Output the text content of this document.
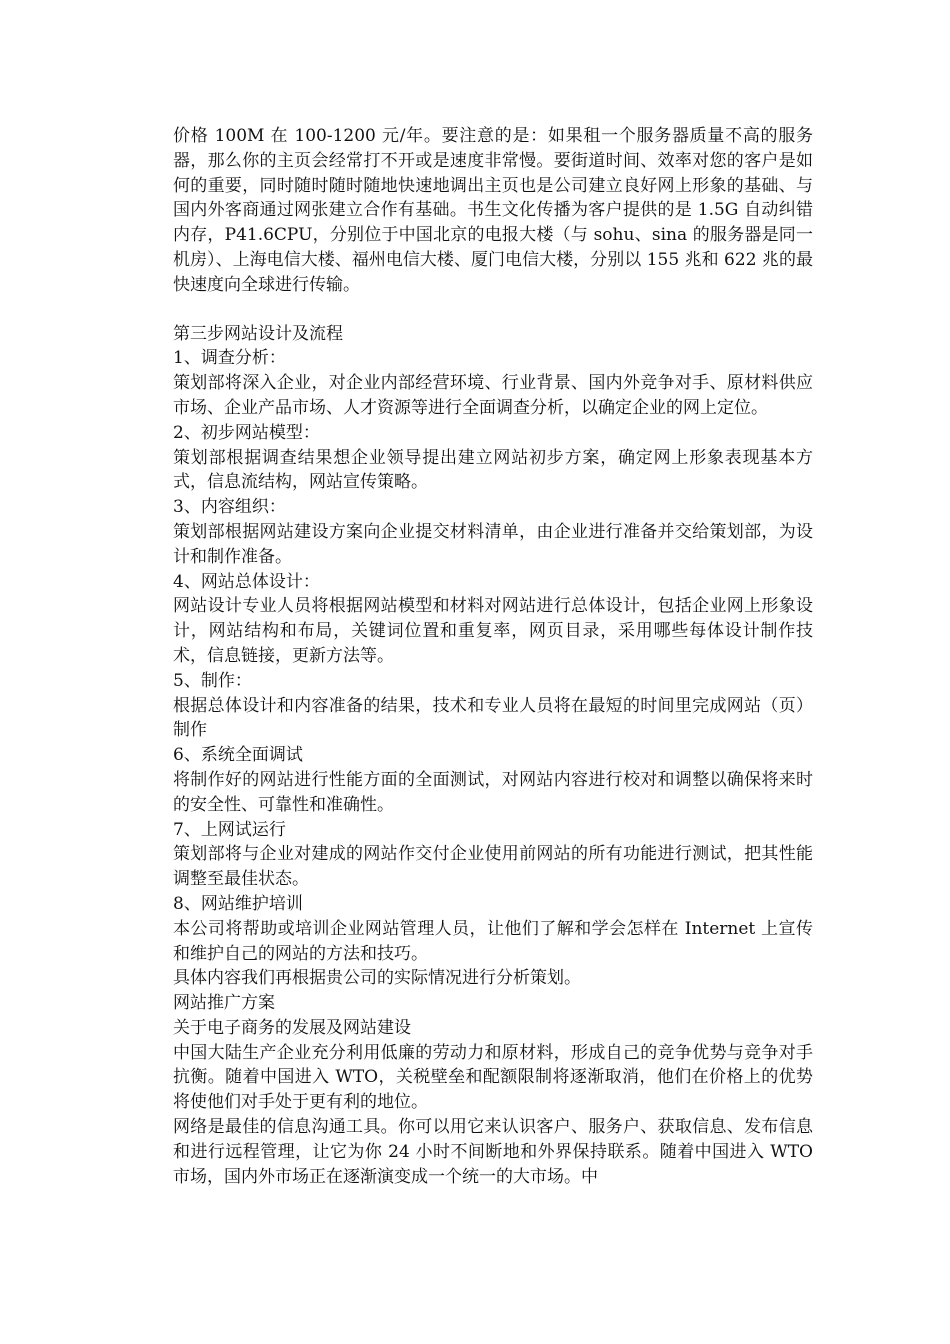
价格 100M 在 100-1200 元/年。要注意的是：如果租一个服务器质量不高的服务器，那么你的主页会经常打不开或是速度非常慢。要街道时间、效率对您的客户是如何的重要，同时随时随时随地快速地调出主页也是公司建立良好网上形象的基础、与国内外客商通过网张建立合作有基础。书生文化传播为客户提供的是 1.5G 自动纠错内存，P41.6CPU，分别位于中国北京的电报大楼（与 sohu、sina 的服务器是同一机房）、上海电信大楼、福州电信大楼、厦门电信大楼，分别以 155 兆和 622 兆的最快速度向全球进行传输。

第三步网站设计及流程

1、调查分析：

策划部将深入企业，对企业内部经营环境、行业背景、国内外竞争对手、原材料供应市场、企业产品市场、人才资源等进行全面调查分析，以确定企业的网上定位。

2、初步网站模型：

策划部根据调查结果想企业领导提出建立网站初步方案，确定网上形象表现基本方式，信息流结构，网站宣传策略。

3、内容组织：

策划部根据网站建设方案向企业提交材料清单，由企业进行准备并交给策划部，为设计和制作准备。

4、网站总体设计：

网站设计专业人员将根据网站模型和材料对网站进行总体设计，包括企业网上形象设计，网站结构和布局，关键词位置和重复率，网页目录，采用哪些每体设计制作技术，信息链接，更新方法等。

5、制作：

根据总体设计和内容准备的结果，技术和专业人员将在最短的时间里完成网站（页）制作

6、系统全面调试

将制作好的网站进行性能方面的全面测试，对网站内容进行校对和调整以确保将来时的安全性、可靠性和准确性。

7、上网试运行

策划部将与企业对建成的网站作交付企业使用前网站的所有功能进行测试，把其性能调整至最佳状态。

8、网站维护培训

本公司将帮助或培训企业网站管理人员，让他们了解和学会怎样在 Internet 上宣传和维护自己的网站的方法和技巧。

具体内容我们再根据贵公司的实际情况进行分析策划。

网站推广方案

关于电子商务的发展及网站建设

中国大陆生产企业充分利用低廉的劳动力和原材料，形成自己的竞争优势与竞争对手抗衡。随着中国进入 WTO，关税壁垒和配额限制将逐渐取消，他们在价格上的优势将使他们对手处于更有利的地位。

网络是最佳的信息沟通工具。你可以用它来认识客户、服务户、获取信息、发布信息和进行远程管理，让它为你 24 小时不间断地和外界保持联系。随着中国进入 WTO 市场，国内外市场正在逐渐演变成一个统一的大市场。中
